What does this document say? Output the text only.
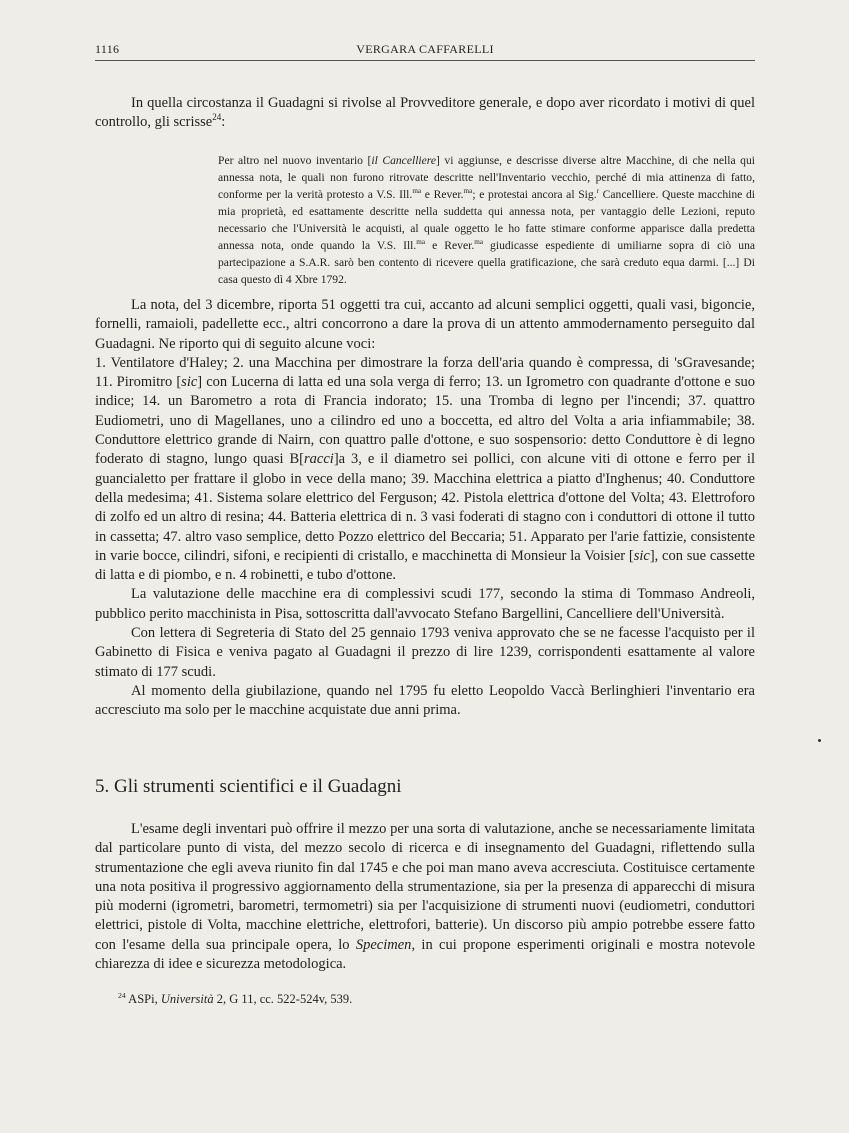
1116	VERGARA CAFFARELLI

In quella circostanza il Guadagni si rivolse al Provveditore generale, e dopo aver ricordato i motivi di quel controllo, gli scrisse$^{24}$:

Per altro nel nuovo inventario [il Cancelliere] vi aggiunse, e descrisse diverse altre Macchine, di che nella qui annessa nota, le quali non furono ritrovate descritte nell'Inventario vecchio, perché di mia attinenza di fatto, conforme per la verità protesto a V.S. Ill.$^{ma}$ e Rever.$^{ma}$; e protestai ancora al Sig.$^r$ Cancelliere. Queste macchine di mia proprietà, ed esattamente descritte nella suddetta qui annessa nota, per vantaggio delle Lezioni, reputo necessario che l'Università le acquisti, al quale oggetto le ho fatte stimare conforme apparisce dalla predetta annessa nota, onde quando la V.S. Ill.$^{ma}$ e Rever.$^{ma}$ giudicasse espediente di umiliarne sopra di ciò una partecipazione a S.A.R. sarò ben contento di ricevere quella gratificazione, che sarà creduto equa darmi. [...] Di casa questo dì 4 Xbre 1792.

La nota, del 3 dicembre, riporta 51 oggetti tra cui, accanto ad alcuni semplici oggetti, quali vasi, bigoncie, fornelli, ramaioli, padellette ecc., altri concorrono a dare la prova di un attento ammodernamento perseguito dal Guadagni. Ne riporto qui di seguito alcune voci:

1. Ventilatore d'Haley; 2. una Macchina per dimostrare la forza dell'aria quando è compressa, di 'sGravesande; 11. Piromitro [sic] con Lucerna di latta ed una sola verga di ferro; 13. un Igrometro con quadrante d'ottone e suo indice; 14. un Barometro a rota di Francia indorato; 15. una Tromba di legno per l'incendi; 37. quattro Eudiometri, uno di Magellanes, uno a cilindro ed uno a boccetta, ed altro del Volta a aria infiammabile; 38. Conduttore elettrico grande di Nairn, con quattro palle d'ottone, e suo sospensorio: detto Conduttore è di legno foderato di stagno, lungo quasi B[racci]a 3, e il diametro sei pollici, con alcune viti di ottone e ferro per il guancialetto per frattare il globo in vece della mano; 39. Macchina elettrica a piatto d'Inghenus; 40. Conduttore della medesima; 41. Sistema solare elettrico del Ferguson; 42. Pistola elettrica d'ottone del Volta; 43. Elettroforo di zolfo ed un altro di resina; 44. Batteria elettrica di n. 3 vasi foderati di stagno con i conduttori di ottone il tutto in cassetta; 47. altro vaso semplice, detto Pozzo elettrico del Beccaria; 51. Apparato per l'arie fattizie, consistente in varie bocce, cilindri, sifoni, e recipienti di cristallo, e macchinetta di Monsieur la Voisier [sic], con sue cassette di latta e di piombo, e n. 4 robinetti, e tubo d'ottone.

La valutazione delle macchine era di complessivi scudi 177, secondo la stima di Tommaso Andreoli, pubblico perito macchinista in Pisa, sottoscritta dall'avvocato Stefano Bargellini, Cancelliere dell'Università.

Con lettera di Segreteria di Stato del 25 gennaio 1793 veniva approvato che se ne facesse l'acquisto per il Gabinetto di Fisica e veniva pagato al Guadagni il prezzo di lire 1239, corrispondenti esattamente al valore stimato di 177 scudi.

Al momento della giubilazione, quando nel 1795 fu eletto Leopoldo Vaccà Berlinghieri l'inventario era accresciuto ma solo per le macchine acquistate due anni prima.

5. Gli strumenti scientifici e il Guadagni

L'esame degli inventari può offrire il mezzo per una sorta di valutazione, anche se necessariamente limitata dal particolare punto di vista, del mezzo secolo di ricerca e di insegnamento del Guadagni, riflettendo sulla strumentazione che egli aveva riunito fin dal 1745 e che poi man mano aveva accresciuta. Costituisce certamente una nota positiva il progressivo aggiornamento della strumentazione, sia per la presenza di apparecchi di misura più moderni (igrometri, barometri, termometri) sia per l'acquisizione di strumenti nuovi (eudiometri, conduttori elettrici, pistole di Volta, macchine elettriche, elettrofori, batterie). Un discorso più ampio potrebbe essere fatto con l'esame della sua principale opera, lo Specimen, in cui propone esperimenti originali e mostra notevole chiarezza di idee e sicurezza metodologica.

$^{24}$ ASPi, Università 2, G 11, cc. 522-524v, 539.
